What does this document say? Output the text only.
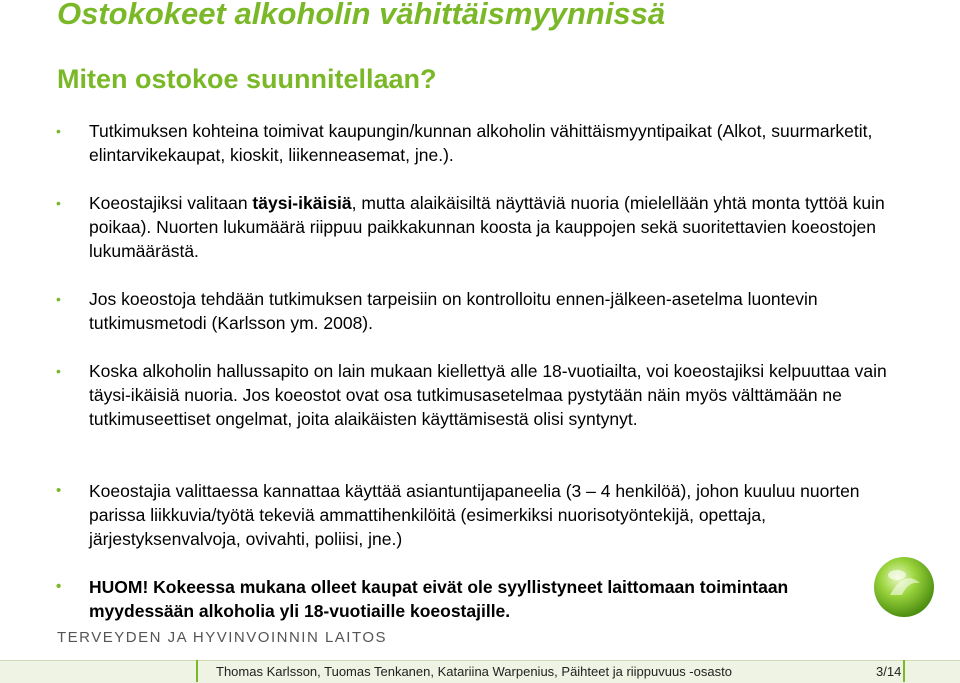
Ostokokeet alkoholin vähittäismyynnissä
Miten ostokoe suunnitellaan?

• Tutkimuksen kohteina toimivat kaupungin/kunnan alkoholin vähittäismyyntipaikat (Alkot, suurmarketit, elintarvikekaupat, kioskit, liikenneasemat, jne.).

• Koeostajiksi valitaan täysi-ikäisiä, mutta alaikäisiltä näyttäviä nuoria (mielellään yhtä monta tyttöä kuin poikaa). Nuorten lukumäärä riippuu paikkakunnan koosta ja kauppojen sekä suoritettavien koeostojen lukumäärästä.

• Jos koeostoja tehdään tutkimuksen tarpeisiin on kontrolloitu ennen-jälkeen-asetelma luontevin tutkimusmetodi (Karlsson ym. 2008).

• Koska alkoholin hallussapito on lain mukaan kiellettyä alle 18-vuotiailta, voi koeostajiksi kelpuuttaa vain täysi-ikäisiä nuoria. Jos koeostot ovat osa tutkimusasetelmaa pystytään näin myös välttämään ne tutkimuseettiset ongelmat, joita alaikäisten käyttämisestä olisi syntynyt.

• Koeostajia valittaessa kannattaa käyttää asiantuntijapaneelia (3 – 4 henkilöä), johon kuuluu nuorten parissa liikkuvia/työtä tekeviä ammattihenkilöitä (esimerkiksi nuorisotyöntekijä, opettaja, järjestyksenvalvoja, ovivahti, poliisi, jne.)

• HUOM! Kokeessa mukana olleet kaupat eivät ole syyllistyneet laittomaan toimintaan myydessään alkoholia yli 18-vuotiaille koeostajille.

TERVEYDEN JA HYVINVOINNIN LAITOS
Thomas Karlsson, Tuomas Tenkanen, Katariina Warpenius, Päihteet ja riippuvuus -osasto	3/14
